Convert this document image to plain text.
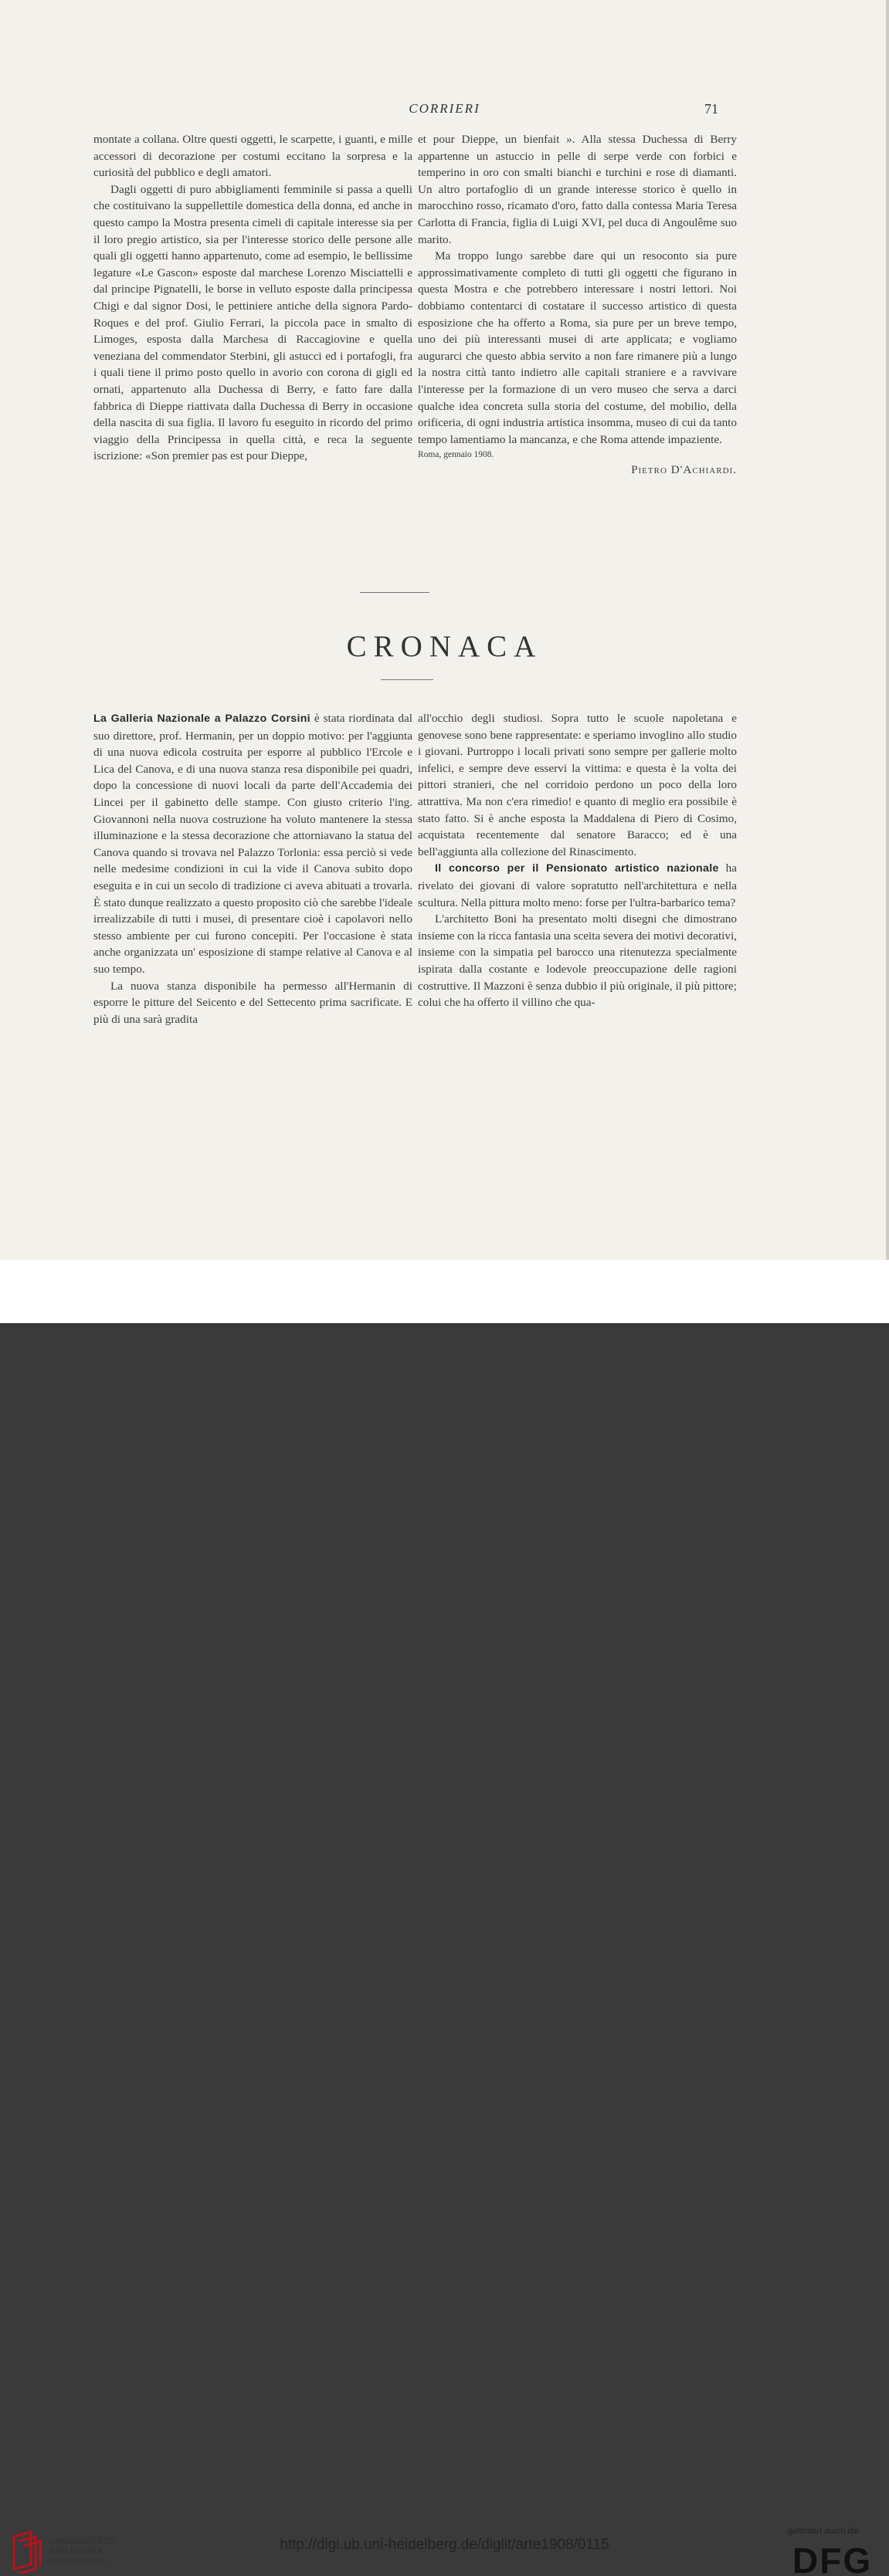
CORRIERI	71

montate a collana. Oltre questi oggetti, le scarpette, i guanti, e mille accessori di decorazione per costumi eccitano la sorpresa e la curiosità del pubblico e degli amatori.

Dagli oggetti di puro abbigliamenti femminile si passa a quelli che costituivano la suppellettile domestica della donna, ed anche in questo campo la Mostra presenta cimeli di capitale interesse sia per il loro pregio artistico, sia per l'interesse storico delle persone alle quali gli oggetti hanno appartenuto, come ad esempio, le bellissime legature «Le Gascon» esposte dal marchese Lorenzo Misciattelli e dal principe Pignatelli, le borse in velluto esposte dalla principessa Chigi e dal signor Dosi, le pettiniere antiche della signora Pardo-Roques e del prof. Giulio Ferrari, la piccola pace in smalto di Limoges, esposta dalla Marchesa di Raccagiovine e quella veneziana del commendator Sterbini, gli astucci ed i portafogli, fra i quali tiene il primo posto quello in avorio con corona di gigli ed ornati, appartenuto alla Duchessa di Berry, e fatto fare dalla fabbrica di Dieppe riattivata dalla Duchessa di Berry in occasione della nascita di sua figlia. Il lavoro fu eseguito in ricordo del primo viaggio della Principessa in quella città, e reca la seguente iscrizione: «Son premier pas est pour Dieppe,

et pour Dieppe, un bienfait ». Alla stessa Duchessa di Berry appartenne un astuccio in pelle di serpe verde con forbici e temperino in oro con smalti bianchi e turchini e rose di diamanti. Un altro portafoglio di un grande interesse storico è quello in marocchino rosso, ricamato d'oro, fatto dalla contessa Maria Teresa Carlotta di Francia, figlia di Luigi XVI, pel duca di Angoulême suo marito.

Ma troppo lungo sarebbe dare qui un resoconto sia pure approssimativamente completo di tutti gli oggetti che figurano in questa Mostra e che potrebbero interessare i nostri lettori. Noi dobbiamo contentarci di costatare il successo artistico di questa esposizione che ha offerto a Roma, sia pure per un breve tempo, uno dei più interessanti musei di arte applicata; e vogliamo augurarci che questo abbia servito a non fare rimanere più a lungo la nostra città tanto indietro alle capitali straniere e a ravvivare l'interesse per la formazione di un vero museo che serva a darci qualche idea concreta sulla storia del costume, del mobilio, della orificeria, di ogni industria artistica insomma, museo di cui da tanto tempo lamentiamo la mancanza, e che Roma attende impaziente.

Roma, gennaio 1908.

Pietro D'Achiardi.

CRONACA

La Galleria Nazionale a Palazzo Corsini è stata riordinata dal suo direttore, prof. Hermanin, per un doppio motivo: per l'aggiunta di una nuova edicola costruita per esporre al pubblico l'Ercole e Lica del Canova, e di una nuova stanza resa disponibile pei quadri, dopo la concessione di nuovi locali da parte dell'Accademia dei Lincei per il gabinetto delle stampe. Con giusto criterio l'ing. Giovannoni nella nuova costruzione ha voluto mantenere la stessa illuminazione e la stessa decorazione che attorniavano la statua del Canova quando si trovava nel Palazzo Torlonia: essa perciò si vede nelle medesime condizioni in cui la vide il Canova subito dopo eseguita e in cui un secolo di tradizione ci aveva abituati a trovarla. È stato dunque realizzato a questo proposito ciò che sarebbe l'ideale irrealizzabile di tutti i musei, di presentare cioè i capolavori nello stesso ambiente per cui furono concepiti. Per l'occasione è stata anche organizzata un' esposizione di stampe relative al Canova e al suo tempo.

La nuova stanza disponibile ha permesso all'Hermanin di esporre le pitture del Seicento e del Settecento prima sacrificate. E più di una sarà gradita

all'occhio degli studiosi. Sopra tutto le scuole napoletana e genovese sono bene rappresentate: e speriamo invoglino allo studio i giovani. Purtroppo i locali privati sono sempre per gallerie molto infelici, e sempre deve esservi la vittima: e questa è la volta dei pittori stranieri, che nel corridoio perdono un poco della loro attrattiva. Ma non c'era rimedio! e quanto di meglio era possibile è stato fatto. Si è anche esposta la Maddalena di Piero di Cosimo, acquistata recentemente dal senatore Baracco; ed è una bell'aggiunta alla collezione del Rinascimento.

Il concorso per il Pensionato artistico nazionale ha rivelato dei giovani di valore sopratutto nell'architettura e nella scultura. Nella pittura molto meno: forse per l'ultra-barbarico tema?

L'architetto Boni ha presentato molti disegni che dimostrano insieme con la ricca fantasia una sceita severa dei motivi decorativi, insieme con la simpatia pel barocco una ritenutezza specialmente ispirata dalla costante e lodevole preoccupazione delle ragioni costruttive. Il Mazzoni è senza dubbio il più originale, il più pittore; colui che ha offerto il villino che qua-

UNIVERSITÄTS-
BIBLIOTHEK
HEIDELBERG
http://digi.ub.uni-heidelberg.de/diglit/arte1908/0115
gefördert durch die
DFG
